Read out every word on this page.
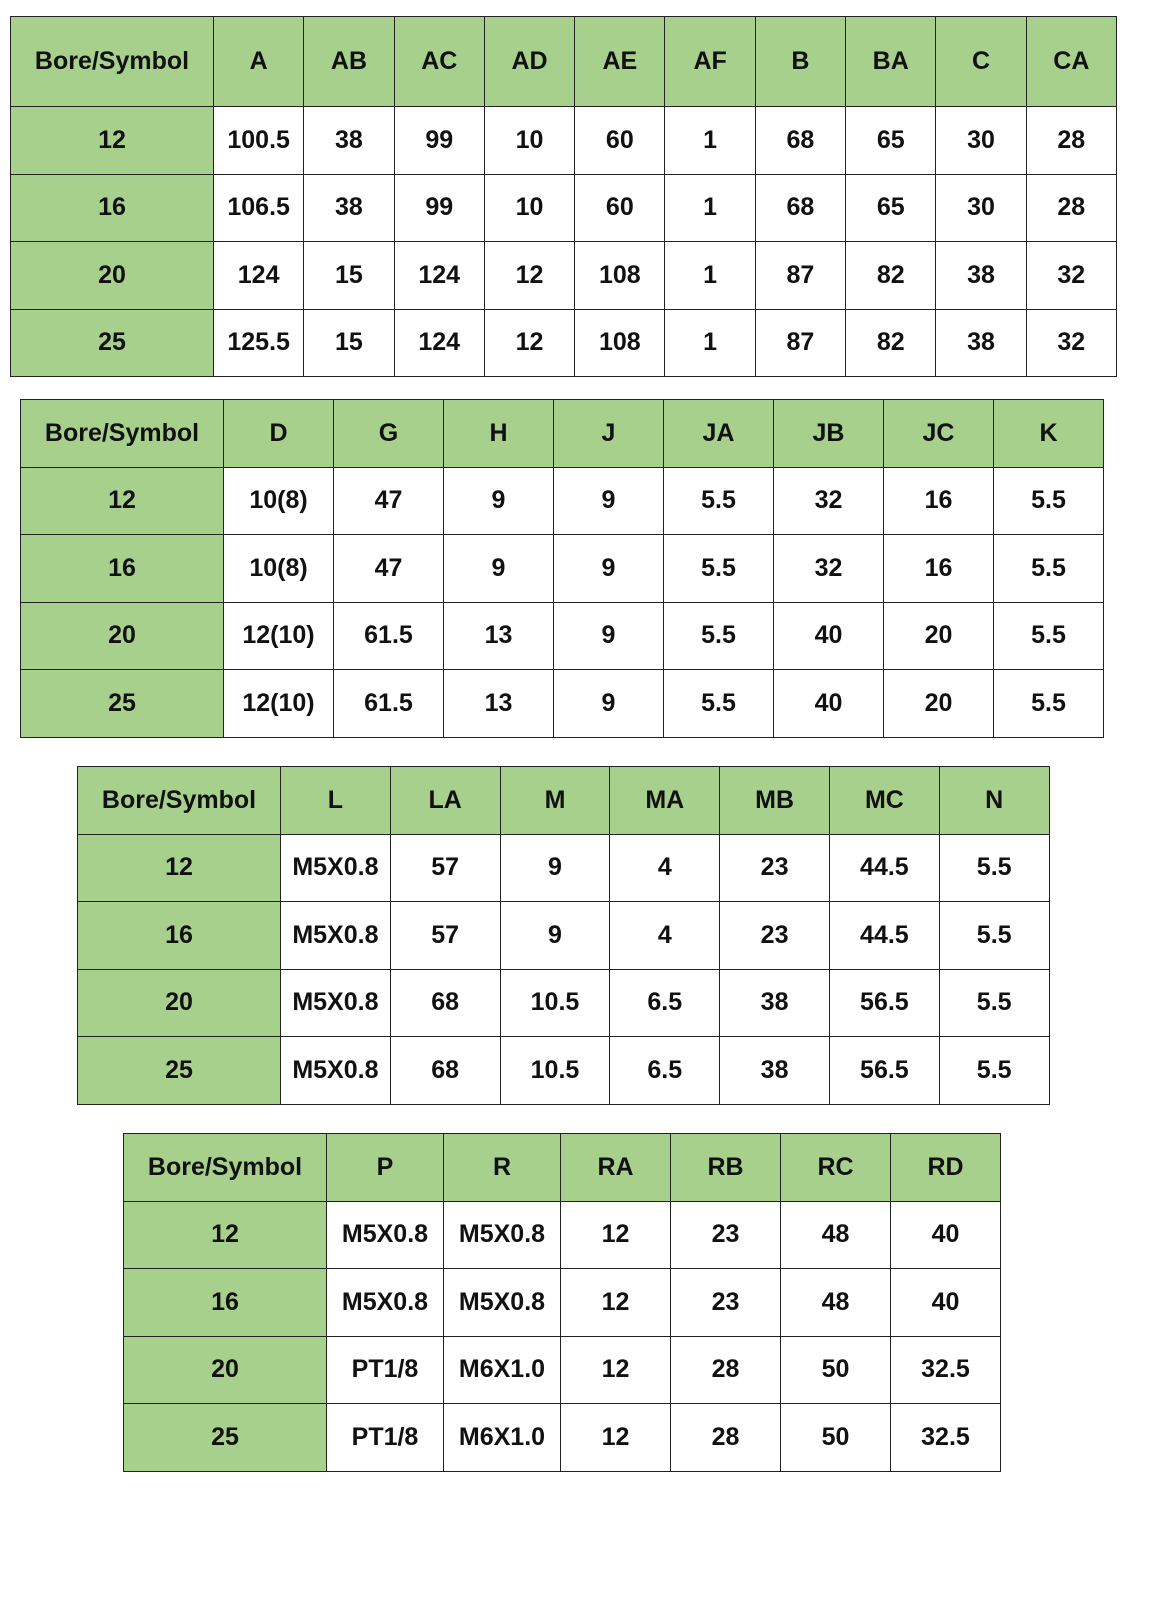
Bore/Symbol	A	AB	AC	AD	AE	AF	B	BA	C	CA
12	100.5	38	99	10	60	1	68	65	30	28
16	106.5	38	99	10	60	1	68	65	30	28
20	124	15	124	12	108	1	87	82	38	32
25	125.5	15	124	12	108	1	87	82	38	32
Bore/Symbol	D	G	H	J	JA	JB	JC	K
12	10(8)	47	9	9	5.5	32	16	5.5
16	10(8)	47	9	9	5.5	32	16	5.5
20	12(10)	61.5	13	9	5.5	40	20	5.5
25	12(10)	61.5	13	9	5.5	40	20	5.5
Bore/Symbol	L	LA	M	MA	MB	MC	N
12	M5X0.8	57	9	4	23	44.5	5.5
16	M5X0.8	57	9	4	23	44.5	5.5
20	M5X0.8	68	10.5	6.5	38	56.5	5.5
25	M5X0.8	68	10.5	6.5	38	56.5	5.5
Bore/Symbol	P	R	RA	RB	RC	RD
12	M5X0.8	M5X0.8	12	23	48	40
16	M5X0.8	M5X0.8	12	23	48	40
20	PT1/8	M6X1.0	12	28	50	32.5
25	PT1/8	M6X1.0	12	28	50	32.5
